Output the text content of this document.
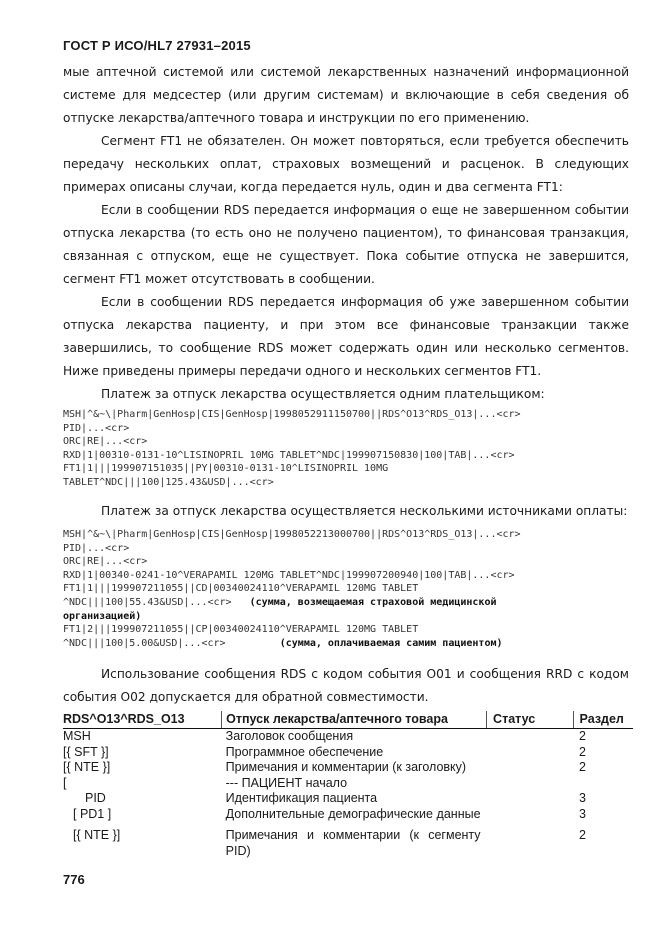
ГОСТ Р ИСО/HL7 27931–2015

мые аптечной системой или системой лекарственных назначений информационной системе для медсестер (или другим системам) и включающие в себя сведения об отпуске лекарства/аптечного товара и инструкции по его применению.

Сегмент FT1 не обязателен. Он может повторяться, если требуется обеспечить передачу нескольких оплат, страховых возмещений и расценок. В следующих примерах описаны случаи, когда передается нуль, один и два сегмента FT1:

Если в сообщении RDS передается информация о еще не завершенном событии отпуска лекарства (то есть оно не получено пациентом), то финансовая транзакция, связанная с отпуском, еще не существует. Пока событие отпуска не завершится, сегмент FT1 может отсутствовать в сообщении.

Если в сообщении RDS передается информация об уже завершенном событии отпуска лекарства пациенту, и при этом все финансовые транзакции также завершились, то сообщение RDS может содержать один или несколько сегментов. Ниже приведены примеры передачи одного и нескольких сегментов FT1.

Платеж за отпуск лекарства осуществляется одним плательщиком:

MSH|^&~\|Pharm|GenHosp|CIS|GenHosp|1998052911150700||RDS^O13^RDS_O13|...<cr>
PID|...<cr>
ORC|RE|...<cr>
RXD|1|00310-0131-10^LISINOPRIL 10MG TABLET^NDC|199907150830|100|TAB|...<cr>
FT1|1|||199907151035||PY|00310-0131-10^LISINOPRIL 10MG
TABLET^NDC|||100|125.43&USD|...<cr>

Платеж за отпуск лекарства осуществляется несколькими источниками оплаты:

MSH|^&~\|Pharm|GenHosp|CIS|GenHosp|1998052213000700||RDS^O13^RDS_O13|...<cr>
PID|...<cr>
ORC|RE|...<cr>
RXD|1|00340-0241-10^VERAPAMIL 120MG TABLET^NDC|199907200940|100|TAB|...<cr>
FT1|1|||199907211055||CD|00340024110^VERAPAMIL 120MG TABLET
^NDC|||100|55.43&USD|...<cr> (сумма, возмещаемая страховой медицинской
организацией)
FT1|2|||199907211055||CP|00340024110^VERAPAMIL 120MG TABLET
^NDC|||100|5.00&USD|...<cr>	(сумма, оплачиваемая самим пациентом)

Использование сообщения RDS с кодом события O01 и сообщения RRD с кодом события O02 допускается для обратной совместимости.

RDS^O13^RDS_O13	Отпуск лекарства/аптечного товара	Статус	Раздел
MSH	Заголовок сообщения		2
[{ SFT }]	Программное обеспечение		2
[{ NTE }]	Примечания и комментарии (к заголовку)		2
[	--- ПАЦИЕНТ начало		
PID	Идентификация пациента		3
[ PD1 ]	Дополнительные демографические данные		3
[{ NTE }]	Примечания и комментарии (к сегменту PID)		2
776
